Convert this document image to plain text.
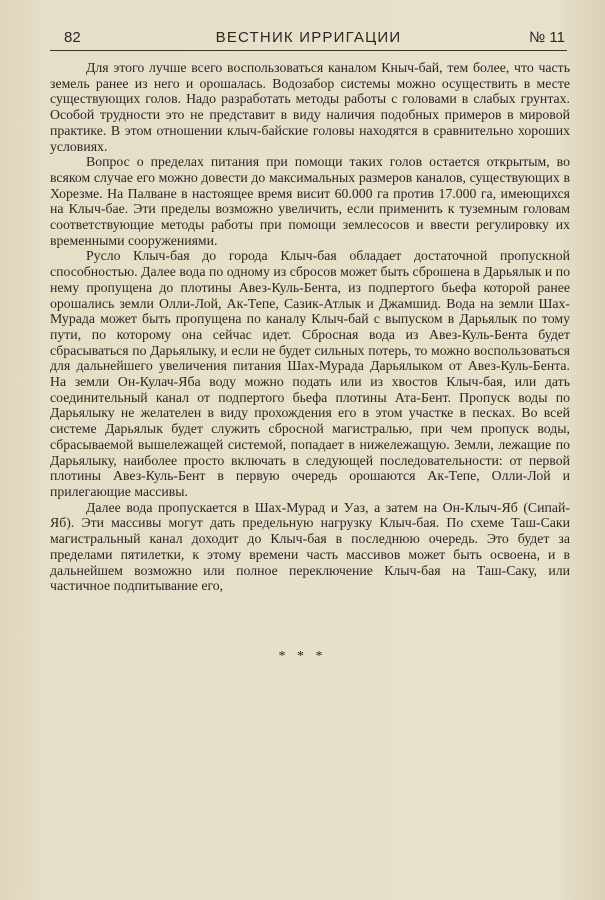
82	ВЕСТНИК ИРРИГАЦИИ	№ 11

Для этого лучше всего воспользоваться каналом Кныч-бай, тем более, что часть земель ранее из него и орошалась. Водозабор системы можно осуществить в месте существующих голов. Надо разработать методы работы с головами в слабых грунтах. Особой трудности это не представит в виду наличия подобных примеров в мировой практике. В этом отношении клыч-байские головы находятся в сравнительно хороших условиях.

Вопрос о пределах питания при помощи таких голов остается открытым, во всяком случае его можно довести до максимальных размеров каналов, существующих в Хорезме. На Палване в настоящее время висит 60.000 га против 17.000 га, имеющихся на Клыч-бае. Эти пределы возможно увеличить, если применить к туземным головам соответствующие методы работы при помощи землесосов и ввести регулировку их временными сооружениями.

Русло Клыч-бая до города Клыч-бая обладает достаточной пропускной способностью. Далее вода по одному из сбросов может быть сброшена в Дарьялык и по нему пропущена до плотины Авез-Куль-Бента, из подпертого бьефа которой ранее орошались земли Олли-Лой, Ак-Тепе, Сазик-Атлык и Джамшид. Вода на земли Шах-Мурада может быть пропущена по каналу Клыч-бай с выпуском в Дарьялык по тому пути, по которому она сейчас идет. Сбросная вода из Авез-Куль-Бента будет сбрасываться по Дарьялыку, и если не будет сильных потерь, то можно воспользоваться для дальнейшего увеличения питания Шах-Мурада Дарьялыком от Авез-Куль-Бента. На земли Он-Кулач-Яба воду можно подать или из хвостов Клыч-бая, или дать соединительный канал от подпертого бьефа плотины Ата-Бент. Пропуск воды по Дарьялыку не желателен в виду прохождения его в этом участке в песках. Во всей системе Дарьялык будет служить сбросной магистралью, при чем пропуск воды, сбрасываемой вышележащей системой, попадает в нижележащую. Земли, лежащие по Дарьялыку, наиболее просто включать в следующей последовательности: от первой плотины Авез-Куль-Бент в первую очередь орошаются Ак-Тепе, Олли-Лой и прилегающие массивы.

Далее вода пропускается в Шах-Мурад и Уаз, а затем на Он-Клыч-Яб (Сипай-Яб). Эти массивы могут дать предельную нагрузку Клыч-бая. По схеме Таш-Саки магистральный канал доходит до Клыч-бая в последнюю очередь. Это будет за пределами пятилетки, к этому времени часть массивов может быть освоена, и в дальнейшем возможно или полное переключение Клыч-бая на Таш-Саку, или частичное подпитывание его,

* * *
